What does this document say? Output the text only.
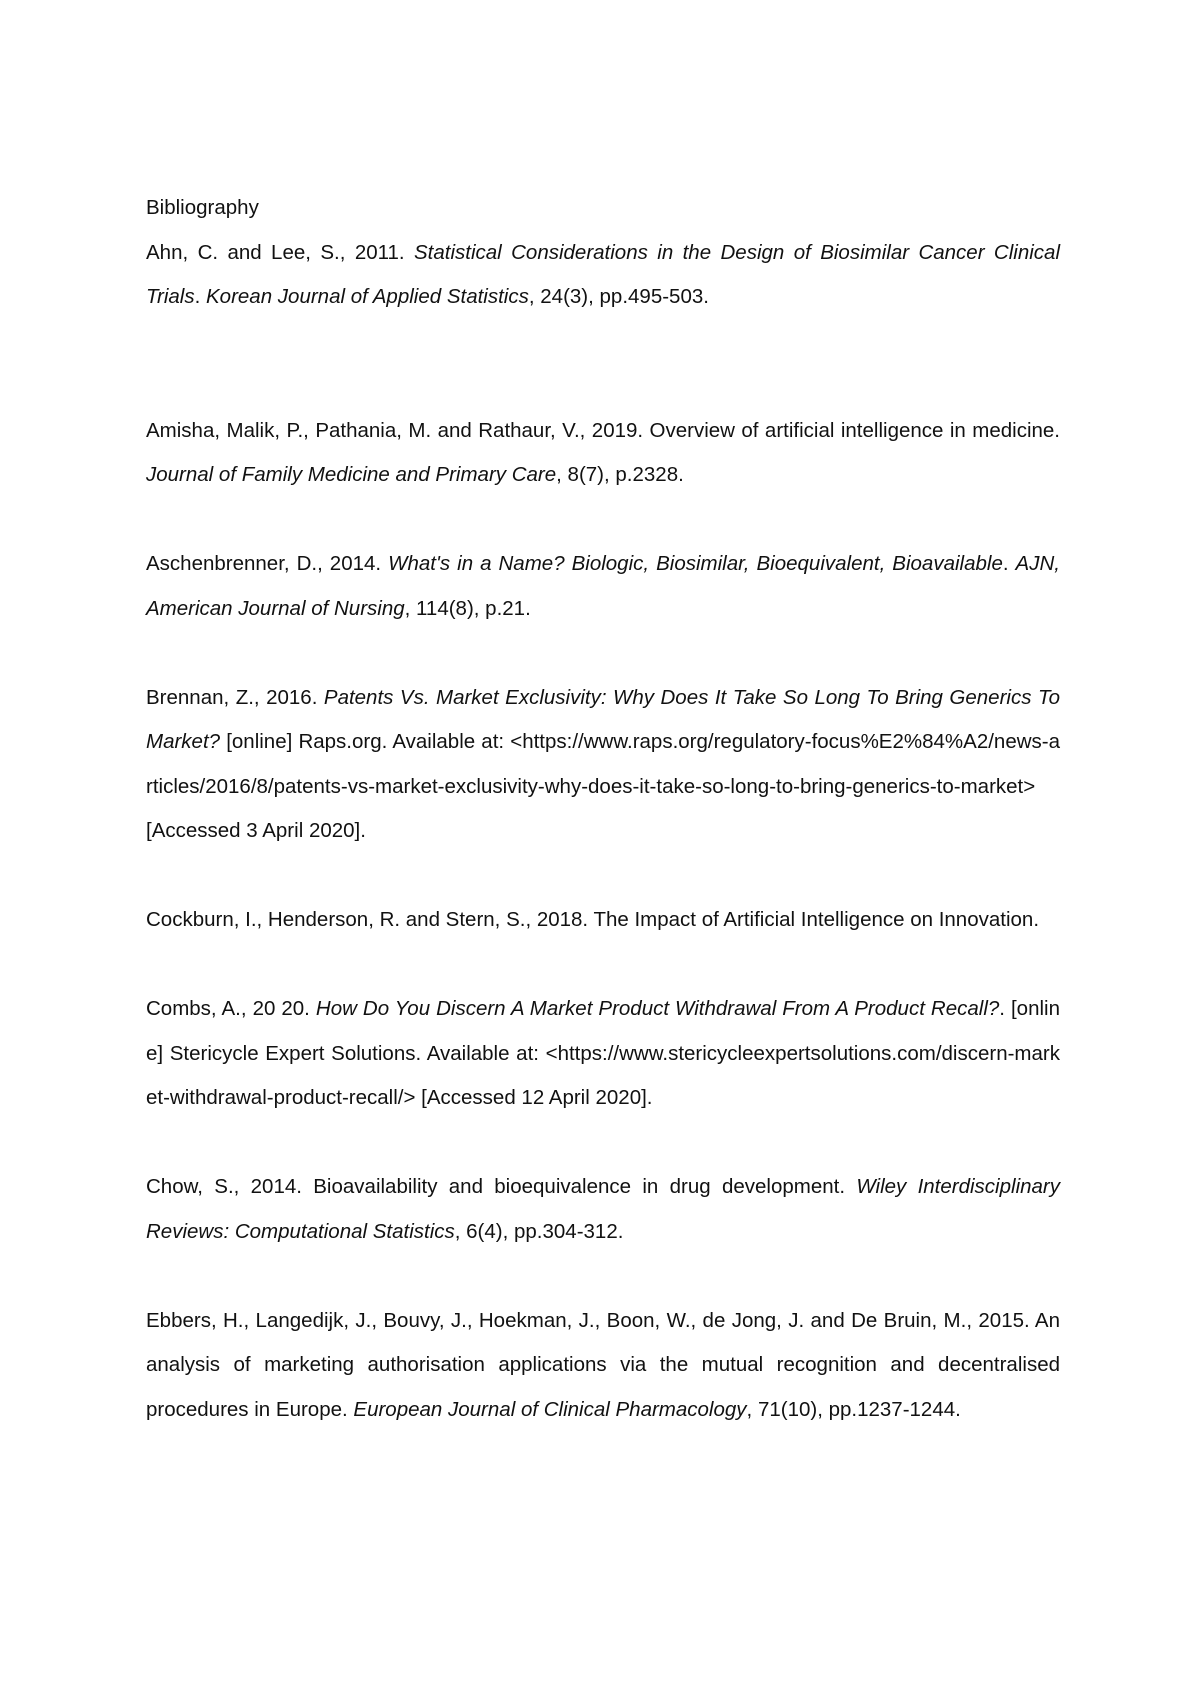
Bibliography

Ahn, C. and Lee, S., 2011. Statistical Considerations in the Design of Biosimilar Cancer Clinical Trials. Korean Journal of Applied Statistics, 24(3), pp.495-503.

Amisha, Malik, P., Pathania, M. and Rathaur, V., 2019. Overview of artificial intelligence in medicine. Journal of Family Medicine and Primary Care, 8(7), p.2328.

Aschenbrenner, D., 2014. What's in a Name? Biologic, Biosimilar, Bioequivalent, Bioavailable. AJN, American Journal of Nursing, 114(8), p.21.

Brennan, Z., 2016. Patents Vs. Market Exclusivity: Why Does It Take So Long To Bring Generics To Market? [online] Raps.org. Available at: <https://www.raps.org/regulatory-focus%E2%84%A2/news-articles/2016/8/patents-vs-market-exclusivity-why-does-it-take-so-long-to-bring-generics-to-market> [Accessed 3 April 2020].

Cockburn, I., Henderson, R. and Stern, S., 2018. The Impact of Artificial Intelligence on Innovation.

Combs, A., 20 20. How Do You Discern A Market Product Withdrawal From A Product Recall?. [online] Stericycle Expert Solutions. Available at: <https://www.stericycleexpertsolutions.com/discern-market-withdrawal-product-recall/> [Accessed 12 April 2020].

Chow, S., 2014. Bioavailability and bioequivalence in drug development. Wiley Interdisciplinary Reviews: Computational Statistics, 6(4), pp.304-312.

Ebbers, H., Langedijk, J., Bouvy, J., Hoekman, J., Boon, W., de Jong, J. and De Bruin, M., 2015. An analysis of marketing authorisation applications via the mutual recognition and decentralised procedures in Europe. European Journal of Clinical Pharmacology, 71(10), pp.1237-1244.
